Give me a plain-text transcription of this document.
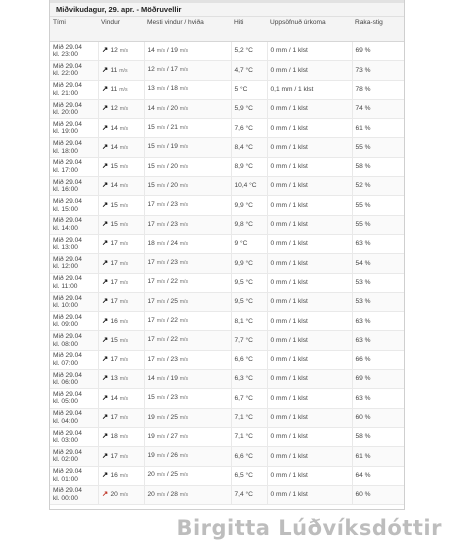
Miðvikudagur, 29. apr. - Möðruvellir
Tími	Vindur	Mesti vindur / hviða	Hiti	Uppsöfnuð úrkoma	Raka-stig

Mið 29.04
kl. 23:00	↗ 12 m/s	14 m/s / 19 m/s	5,2 °C	0 mm / 1 klst	69 %

Mið 29.04
kl. 22:00	↗ 11 m/s	12 m/s / 17 m/s	4,7 °C	0 mm / 1 klst	73 %

Mið 29.04
kl. 21:00	↗ 11 m/s	13 m/s / 18 m/s	5 °C	0,1 mm / 1 klst	78 %

Mið 29.04
kl. 20:00	↗ 12 m/s	14 m/s / 20 m/s	5,9 °C	0 mm / 1 klst	74 %

Mið 29.04
kl. 19:00	↗ 14 m/s	15 m/s / 21 m/s	7,6 °C	0 mm / 1 klst	61 %

Mið 29.04
kl. 18:00	↗ 14 m/s	15 m/s / 19 m/s	8,4 °C	0 mm / 1 klst	55 %

Mið 29.04
kl. 17:00	↗ 15 m/s	15 m/s / 20 m/s	8,9 °C	0 mm / 1 klst	58 %

Mið 29.04
kl. 16:00	↗ 14 m/s	15 m/s / 20 m/s	10,4 °C	0 mm / 1 klst	52 %

Mið 29.04
kl. 15:00	↗ 15 m/s	17 m/s / 23 m/s	9,9 °C	0 mm / 1 klst	55 %

Mið 29.04
kl. 14:00	↗ 15 m/s	17 m/s / 23 m/s	9,8 °C	0 mm / 1 klst	55 %

Mið 29.04
kl. 13:00	↗ 17 m/s	18 m/s / 24 m/s	9 °C	0 mm / 1 klst	63 %

Mið 29.04
kl. 12:00	↗ 17 m/s	17 m/s / 23 m/s	9,9 °C	0 mm / 1 klst	54 %

Mið 29.04
kl. 11:00	↗ 17 m/s	17 m/s / 22 m/s	9,5 °C	0 mm / 1 klst	53 %

Mið 29.04
kl. 10:00	↗ 17 m/s	17 m/s / 25 m/s	9,5 °C	0 mm / 1 klst	53 %

Mið 29.04
kl. 09:00	↗ 16 m/s	17 m/s / 22 m/s	8,1 °C	0 mm / 1 klst	63 %

Mið 29.04
kl. 08:00	↗ 15 m/s	17 m/s / 22 m/s	7,7 °C	0 mm / 1 klst	63 %

Mið 29.04
kl. 07:00	↗ 17 m/s	17 m/s / 23 m/s	6,6 °C	0 mm / 1 klst	66 %

Mið 29.04
kl. 06:00	↗ 13 m/s	14 m/s / 19 m/s	6,3 °C	0 mm / 1 klst	69 %

Mið 29.04
kl. 05:00	↗ 14 m/s	15 m/s / 23 m/s	6,7 °C	0 mm / 1 klst	63 %

Mið 29.04
kl. 04:00	↗ 17 m/s	19 m/s / 25 m/s	7,1 °C	0 mm / 1 klst	60 %

Mið 29.04
kl. 03:00	↗ 18 m/s	19 m/s / 27 m/s	7,1 °C	0 mm / 1 klst	58 %

Mið 29.04
kl. 02:00	↗ 17 m/s	19 m/s / 26 m/s	6,6 °C	0 mm / 1 klst	61 %

Mið 29.04
kl. 01:00	↗ 16 m/s	20 m/s / 25 m/s	6,5 °C	0 mm / 1 klst	64 %

Mið 29.04
kl. 00:00	↗ 20 m/s	20 m/s / 28 m/s	7,4 °C	0 mm / 1 klst	60 %
Birgitta Lúðvíksdóttir
